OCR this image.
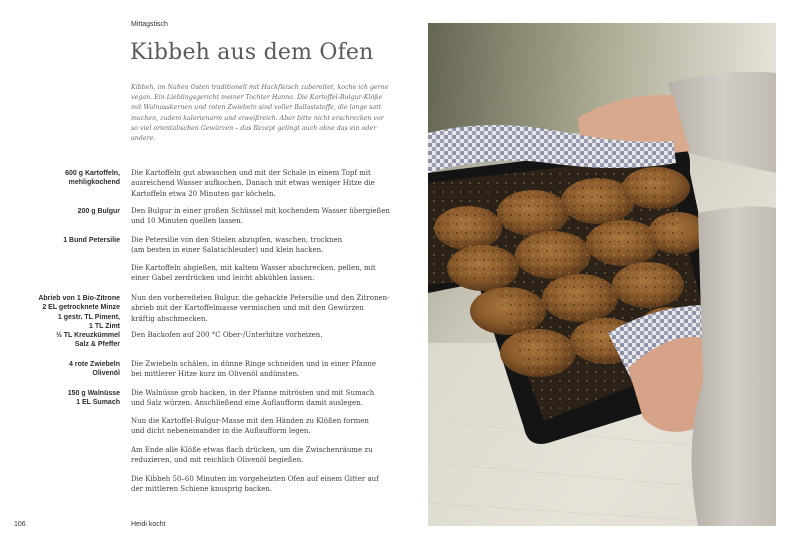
Mittagstisch
Kibbeh aus dem Ofen
Kibbeh, im Nahen Osten traditionell mit Hackfleisch zubereitet, koche ich gerne
vegan. Ein Lieblingsgericht meiner Tochter Hanna. Die Kartoffel-Bulgur-Klöße
mit Walnusskernen und roten Zwiebeln sind voller Ballaststoffe, die lange satt
machen, zudem kalorienarm und eiweißreich. Aber bitte nicht erschrecken vor
so viel orientalischen Gewürzen – das Rezept gelingt auch ohne das ein oder
andere.
600 g Kartoffeln,
mehligkochend
200 g Bulgur
1 Bund Petersilie
Abrieb von 1 Bio-Zitrone
2 EL getrocknete Minze
1 gestr. TL Piment,
1 TL Zimt
½ TL Kreuzkümmel
Salz & Pfeffer
4 rote Zwiebeln
Olivenöl
150 g Walnüsse
1 EL Sumach
Die Kartoffeln gut abwaschen und mit der Schale in einem Topf mit
ausreichend Wasser aufkochen. Danach mit etwas weniger Hitze die
Kartoffeln etwa 20 Minuten gar köcheln.
Den Bulgur in einer großen Schüssel mit kochendem Wasser übergießen
und 10 Minuten quellen lassen.
Die Petersilie von den Stielen abzupfen, waschen, trocknen
(am besten in einer Salatschleuder) und klein hacken.
Die Kartoffeln abgießen, mit kaltem Wasser abschrecken, pellen, mit
einer Gabel zerdrücken und leicht abkühlen lassen.
Nun den vorbereiteten Bulgur, die gehackte Petersilie und den Zitronen-
abrieb mit der Kartoffelmasse vermischen und mit den Gewürzen
kräftig abschmecken.
Den Backofen auf 200 °C Ober-/Unterhitze vorheizen.
Die Zwiebeln schälen, in dünne Ringe schneiden und in einer Pfanne
bei mittlerer Hitze kurz im Olivenöl andünsten.
Die Walnüsse grob hacken, in der Pfanne mitrösten und mit Sumach
und Salz würzen. Anschließend eine Auflaufform damit auslegen.
Nun die Kartoffel-Bulgur-Masse mit den Händen zu Klößen formen
und dicht nebeneinander in die Auflaufform legen.
Am Ende alle Klöße etwas flach drücken, um die Zwischenräume zu
reduzieren, und mit reichlich Olivenöl begießen.
Die Kibbeh 50–60 Minuten im vorgeheizten Ofen auf einem Gitter auf
der mittleren Schiene knusprig backen.
106	Heidi kocht
